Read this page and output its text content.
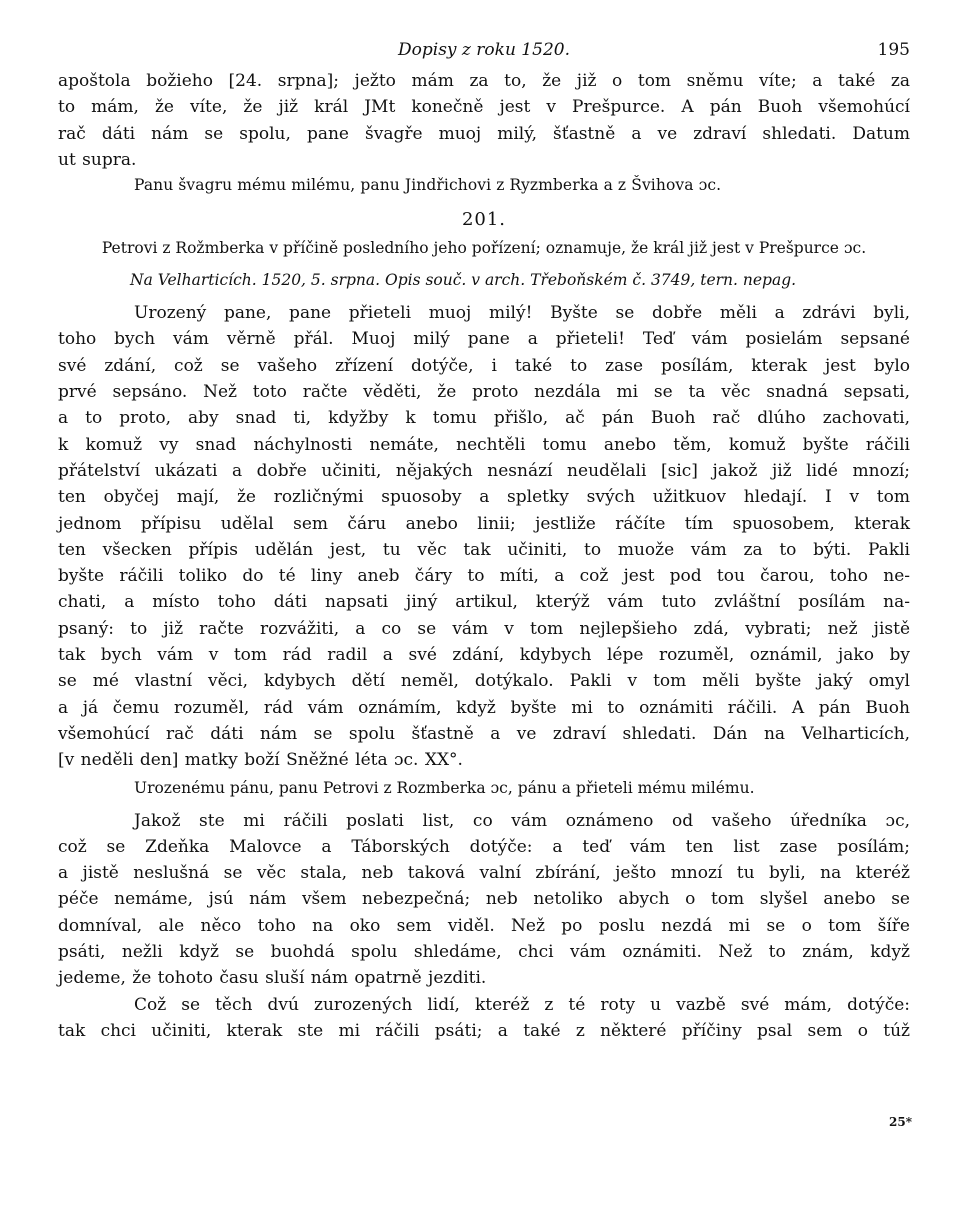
Dopisy z roku 1520.	195

apoštola božieho [24. srpna]; ježto mám za to, že již o tom sněmu víte; a také za

to mám, že víte, že již král JMt konečně jest v Prešpurce. A pán Buoh všemohúcí

rač dáti nám se spolu, pane švagře muoj milý, šťastně a ve zdraví shledati. Datum

ut supra.

Panu švagru mému milému, panu Jindřichovi z Ryzmberka a z Švihova ɔc.

201.

Petrovi z Rožmberka v příčině posledního jeho pořízení; oznamuje, že král již jest v Prešpurce ɔc.

Na Velharticích. 1520, 5. srpna. Opis souč. v arch. Třeboňském č. 3749, tern. nepag.

Urozený pane, pane přieteli muoj milý! Byšte se dobře měli a zdrávi byli,

toho bych vám věrně přál. Muoj milý pane a přieteli! Teď vám posielám sepsané

své zdání, což se vašeho zřízení dotýče, i také to zase posílám, kterak jest bylo

prvé sepsáno. Než toto račte věděti, že proto nezdála mi se ta věc snadná sepsati,

a to proto, aby snad ti, kdyžby k tomu přišlo, ač pán Buoh rač dlúho zachovati,

k komuž vy snad náchylnosti nemáte, nechtěli tomu anebo těm, komuž byšte ráčili

přátelství ukázati a dobře učiniti, nějakých nesnází neudělali [sic] jakož již lidé mnozí;

ten obyčej mají, že rozličnými spuosoby a spletky svých užitkuov hledají. I v tom

jednom přípisu udělal sem čáru anebo linii; jestliže ráčíte tím spuosobem, kterak

ten všecken přípis udělán jest, tu věc tak učiniti, to muože vám za to býti. Pakli

byšte ráčili toliko do té liny aneb čáry to míti, a což jest pod tou čarou, toho ne-

chati, a místo toho dáti napsati jiný artikul, kterýž vám tuto zvláštní posílám na-

psaný: to již račte rozvážiti, a co se vám v tom nejlepšieho zdá, vybrati; než jistě

tak bych vám v tom rád radil a své zdání, kdybych lépe rozuměl, oznámil, jako by

se mé vlastní věci, kdybych dětí neměl, dotýkalo. Pakli v tom měli byšte jaký omyl

a já čemu rozuměl, rád vám oznámím, když byšte mi to oznámiti ráčili. A pán Buoh

všemohúcí rač dáti nám se spolu šťastně a ve zdraví shledati. Dán na Velharticích,

[v neděli den] matky boží Sněžné léta ɔc. XX°.

Urozenému pánu, panu Petrovi z Rozmberka ɔc, pánu a přieteli mému milému.

Jakož ste mi ráčili poslati list, co vám oznámeno od vašeho úředníka ɔc,

což se Zdeňka Malovce a Táborských dotýče: a teď vám ten list zase posílám;

a jistě neslušná se věc stala, neb taková valní zbírání, ješto mnozí tu byli, na kteréž

péče nemáme, jsú nám všem nebezpečná; neb netoliko abych o tom slyšel anebo se

domníval, ale něco toho na oko sem viděl. Než po poslu nezdá mi se o tom šíře

psáti, nežli když se buohdá spolu shledáme, chci vám oznámiti. Než to znám, když

jedeme, že tohoto času sluší nám opatrně jezditi.

Což se těch dvú zurozených lidí, kteréž z té roty u vazbě své mám, dotýče:

tak chci učiniti, kterak ste mi ráčili psáti; a také z některé příčiny psal sem o túž

25*
